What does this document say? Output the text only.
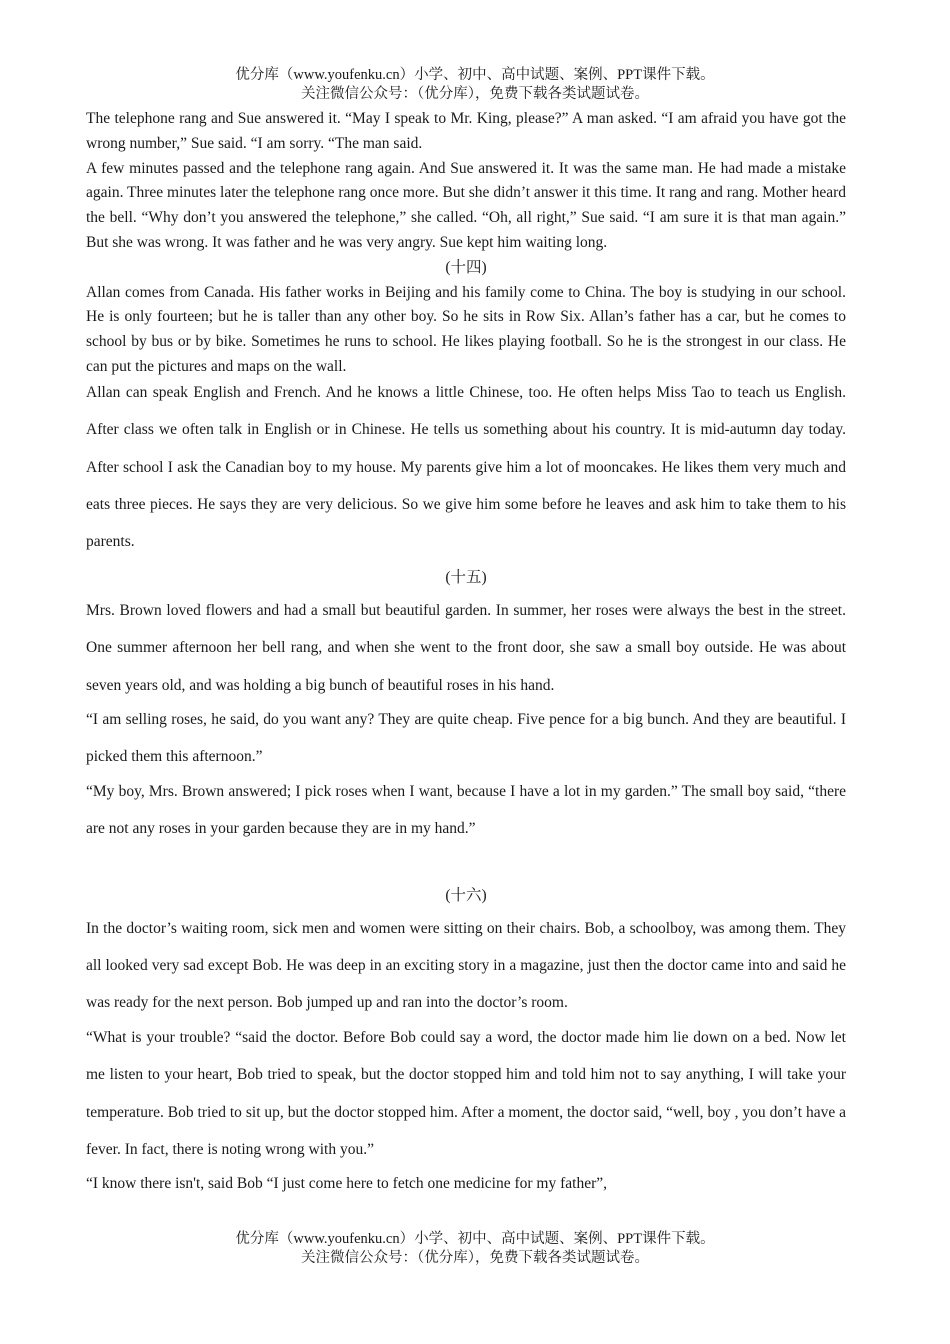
优分库（www.youfenku.cn）小学、初中、高中试题、案例、PPT课件下载。
关注微信公众号：（优分库），免费下载各类试题试卷。

The telephone rang and Sue answered it. “May I speak to Mr. King, please?” A man asked. “I am afraid you have got the wrong number,” Sue said. “I am sorry. “The man said.

A few minutes passed and the telephone rang again. And Sue answered it. It was the same man. He had made a mistake again. Three minutes later the telephone rang once more. But she didn’t answer it this time. It rang and rang. Mother heard the bell. “Why don’t you answered the telephone,” she called. “Oh, all right,” Sue said. “I am sure it is that man again.” But she was wrong. It was father and he was very angry. Sue kept him waiting long.

(十四)

Allan comes from Canada. His father works in Beijing and his family come to China. The boy is studying in our school. He is only fourteen; but he is taller than any other boy. So he sits in Row Six. Allan’s father has a car, but he comes to school by bus or by bike. Sometimes he runs to school. He likes playing football. So he is the strongest in our class. He can put the pictures and maps on the wall.

Allan can speak English and French. And he knows a little Chinese, too. He often helps Miss Tao to teach us English. After class we often talk in English or in Chinese. He tells us something about his country. It is mid-autumn day today. After school I ask the Canadian boy to my house. My parents give him a lot of mooncakes. He likes them very much and eats three pieces. He says they are very delicious. So we give him some before he leaves and ask him to take them to his parents.

(十五)

Mrs. Brown loved flowers and had a small but beautiful garden. In summer, her roses were always the best in the street. One summer afternoon her bell rang, and when she went to the front door, she saw a small boy outside. He was about seven years old, and was holding a big bunch of beautiful roses in his hand.

“I am selling roses, he said, do you want any? They are quite cheap. Five pence for a big bunch. And they are beautiful. I picked them this afternoon.”

“My boy, Mrs. Brown answered; I pick roses when I want, because I have a lot in my garden.” The small boy said, “there are not any roses in your garden because they are in my hand.”

(十六)

In the doctor’s waiting room, sick men and women were sitting on their chairs. Bob, a schoolboy, was among them. They all looked very sad except Bob. He was deep in an exciting story in a magazine, just then the doctor came into and said he was ready for the next person. Bob jumped up and ran into the doctor’s room.

“What is your trouble? “said the doctor. Before Bob could say a word, the doctor made him lie down on a bed. Now let me listen to your heart, Bob tried to speak, but the doctor stopped him and told him not to say anything, I will take your temperature. Bob tried to sit up, but the doctor stopped him. After a moment, the doctor said, “well, boy , you don’t have a fever. In fact, there is noting wrong with you.”

“I know there isn't, said Bob “I just come here to fetch one medicine for my father”,

优分库（www.youfenku.cn）小学、初中、高中试题、案例、PPT课件下载。
关注微信公众号：（优分库），免费下载各类试题试卷。
